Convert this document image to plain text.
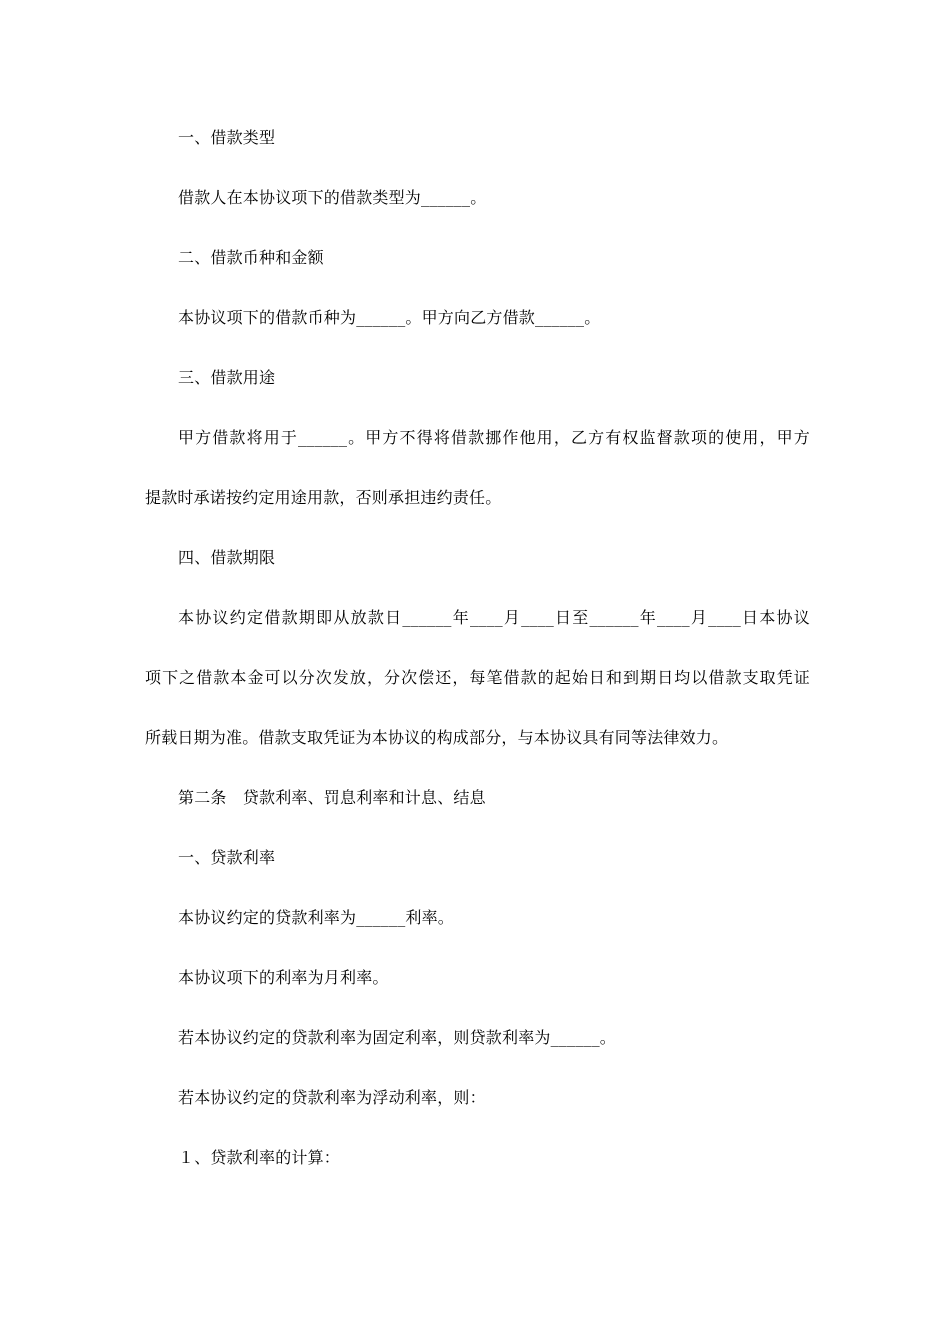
一、借款类型
借款人在本协议项下的借款类型为______。
二、借款币种和金额
本协议项下的借款币种为______。甲方向乙方借款______。
三、借款用途
甲方借款将用于______。甲方不得将借款挪作他用，乙方有权监督款项的使用，甲方
提款时承诺按约定用途用款，否则承担违约责任。
四、借款期限
本协议约定借款期即从放款日______年____月____日至______年____月____日本协议
项下之借款本金可以分次发放，分次偿还，每笔借款的起始日和到期日均以借款支取凭证
所载日期为准。借款支取凭证为本协议的构成部分，与本协议具有同等法律效力。
第二条　贷款利率、罚息利率和计息、结息
一、贷款利率
本协议约定的贷款利率为______利率。
本协议项下的利率为月利率。
若本协议约定的贷款利率为固定利率，则贷款利率为______。
若本协议约定的贷款利率为浮动利率，则：
１、贷款利率的计算：
